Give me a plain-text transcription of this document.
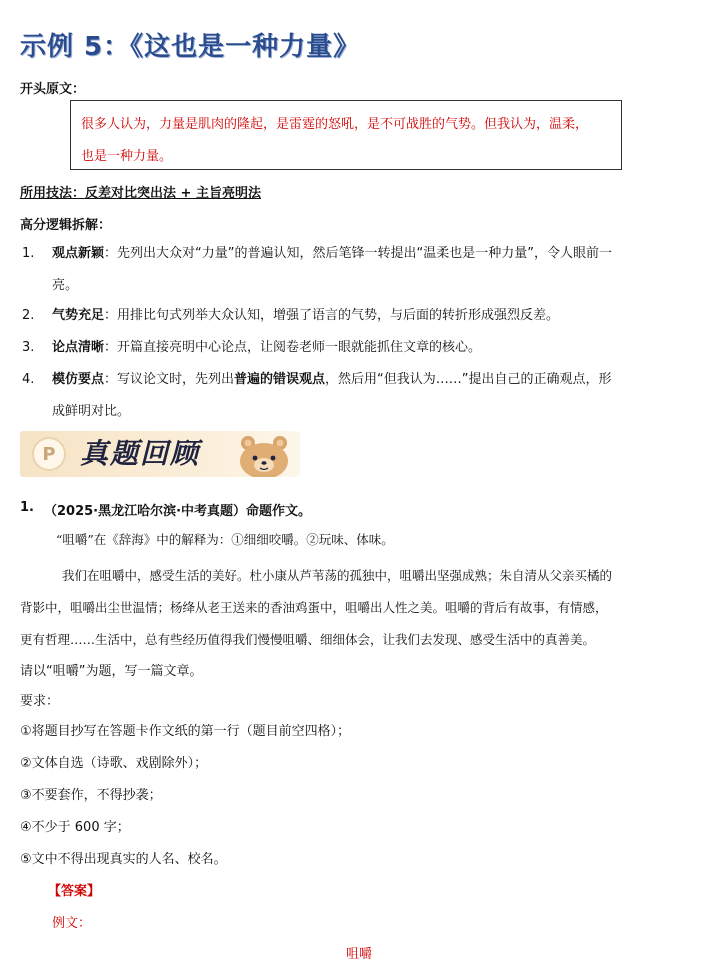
示例 5：《这也是一种力量》
开头原文：
很多人认为，力量是肌肉的隆起，是雷霆的怒吼，是不可战胜的气势。但我认为，温柔，
也是一种力量。
所用技法：反差对比突出法 + 主旨亮明法
高分逻辑拆解：
1. 观点新颖：先列出大众对“力量”的普遍认知，然后笔锋一转提出“温柔也是一种力量”，令人眼前一
亮。
2. 气势充足：用排比句式列举大众认知，增强了语言的气势，与后面的转折形成强烈反差。
3. 论点清晰：开篇直接亮明中心论点，让阅卷老师一眼就能抓住文章的核心。
4. 模仿要点：写议论文时，先列出普遍的错误观点，然后用“但我认为……”提出自己的正确观点，形
成鲜明对比。
P 真题回顾
1. （2025·黑龙江哈尔滨·中考真题）命题作文。
“咀嚼”在《辞海》中的解释为：①细细咬嚼。②玩味、体味。
我们在咀嚼中，感受生活的美好。杜小康从芦苇荡的孤独中，咀嚼出坚强成熟；朱自清从父亲买橘的
背影中，咀嚼出尘世温情；杨绛从老王送来的香油鸡蛋中，咀嚼出人性之美。咀嚼的背后有故事，有情感，
更有哲理……生活中，总有些经历值得我们慢慢咀嚼、细细体会，让我们去发现、感受生活中的真善美。
请以“咀嚼”为题，写一篇文章。
要求：
①将题目抄写在答题卡作文纸的第一行（题目前空四格）；
②文体自选（诗歌、戏剧除外）；
③不要套作，不得抄袭；
④不少于 600 字；
⑤文中不得出现真实的人名、校名。
【答案】
例文：
咀嚼
